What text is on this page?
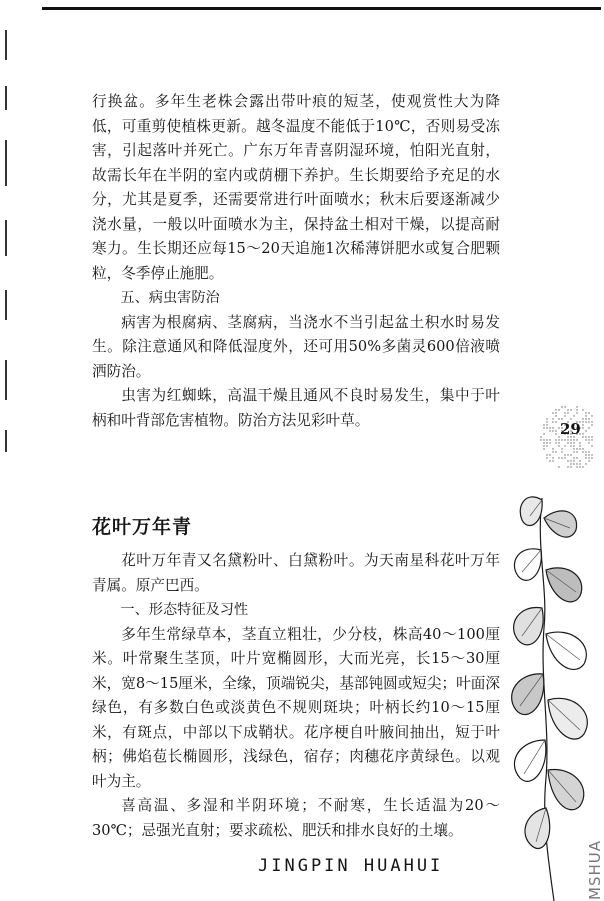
行换盆。多年生老株会露出带叶痕的短茎，使观赏性大为降低，可重剪使植株更新。越冬温度不能低于10℃，否则易受冻害，引起落叶并死亡。广东万年青喜阴湿环境，怕阳光直射，故需长年在半阴的室内或荫棚下养护。生长期要给予充足的水分，尤其是夏季，还需要常进行叶面喷水；秋末后要逐渐减少浇水量，一般以叶面喷水为主，保持盆土相对干燥，以提高耐寒力。生长期还应每15～20天追施1次稀薄饼肥水或复合肥颗粒，冬季停止施肥。

五、病虫害防治

病害为根腐病、茎腐病，当浇水不当引起盆土积水时易发生。除注意通风和降低湿度外，还可用50%多菌灵600倍液喷洒防治。

虫害为红蜘蛛，高温干燥且通风不良时易发生，集中于叶柄和叶背部危害植物。防治方法见彩叶草。	29

花叶万年青

花叶万年青又名黛粉叶、白黛粉叶。为天南星科花叶万年青属。原产巴西。

一、形态特征及习性

多年生常绿草本，茎直立粗壮，少分枝，株高40～100厘米。叶常聚生茎顶，叶片宽椭圆形，大而光亮，长15～30厘米，宽8～15厘米，全缘，顶端锐尖，基部钝圆或短尖；叶面深绿色，有多数白色或淡黄色不规则斑块；叶柄长约10～15厘米，有斑点，中部以下成鞘状。花序梗自叶腋间抽出，短于叶柄；佛焰苞长椭圆形，浅绿色，宿存；肉穗花序黄绿色。以观叶为主。

喜高温、多湿和半阴环境；不耐寒，生长适温为20～30℃；忌强光直射；要求疏松、肥沃和排水良好的土壤。

JINGPIN HUAHUI	MSHUA
